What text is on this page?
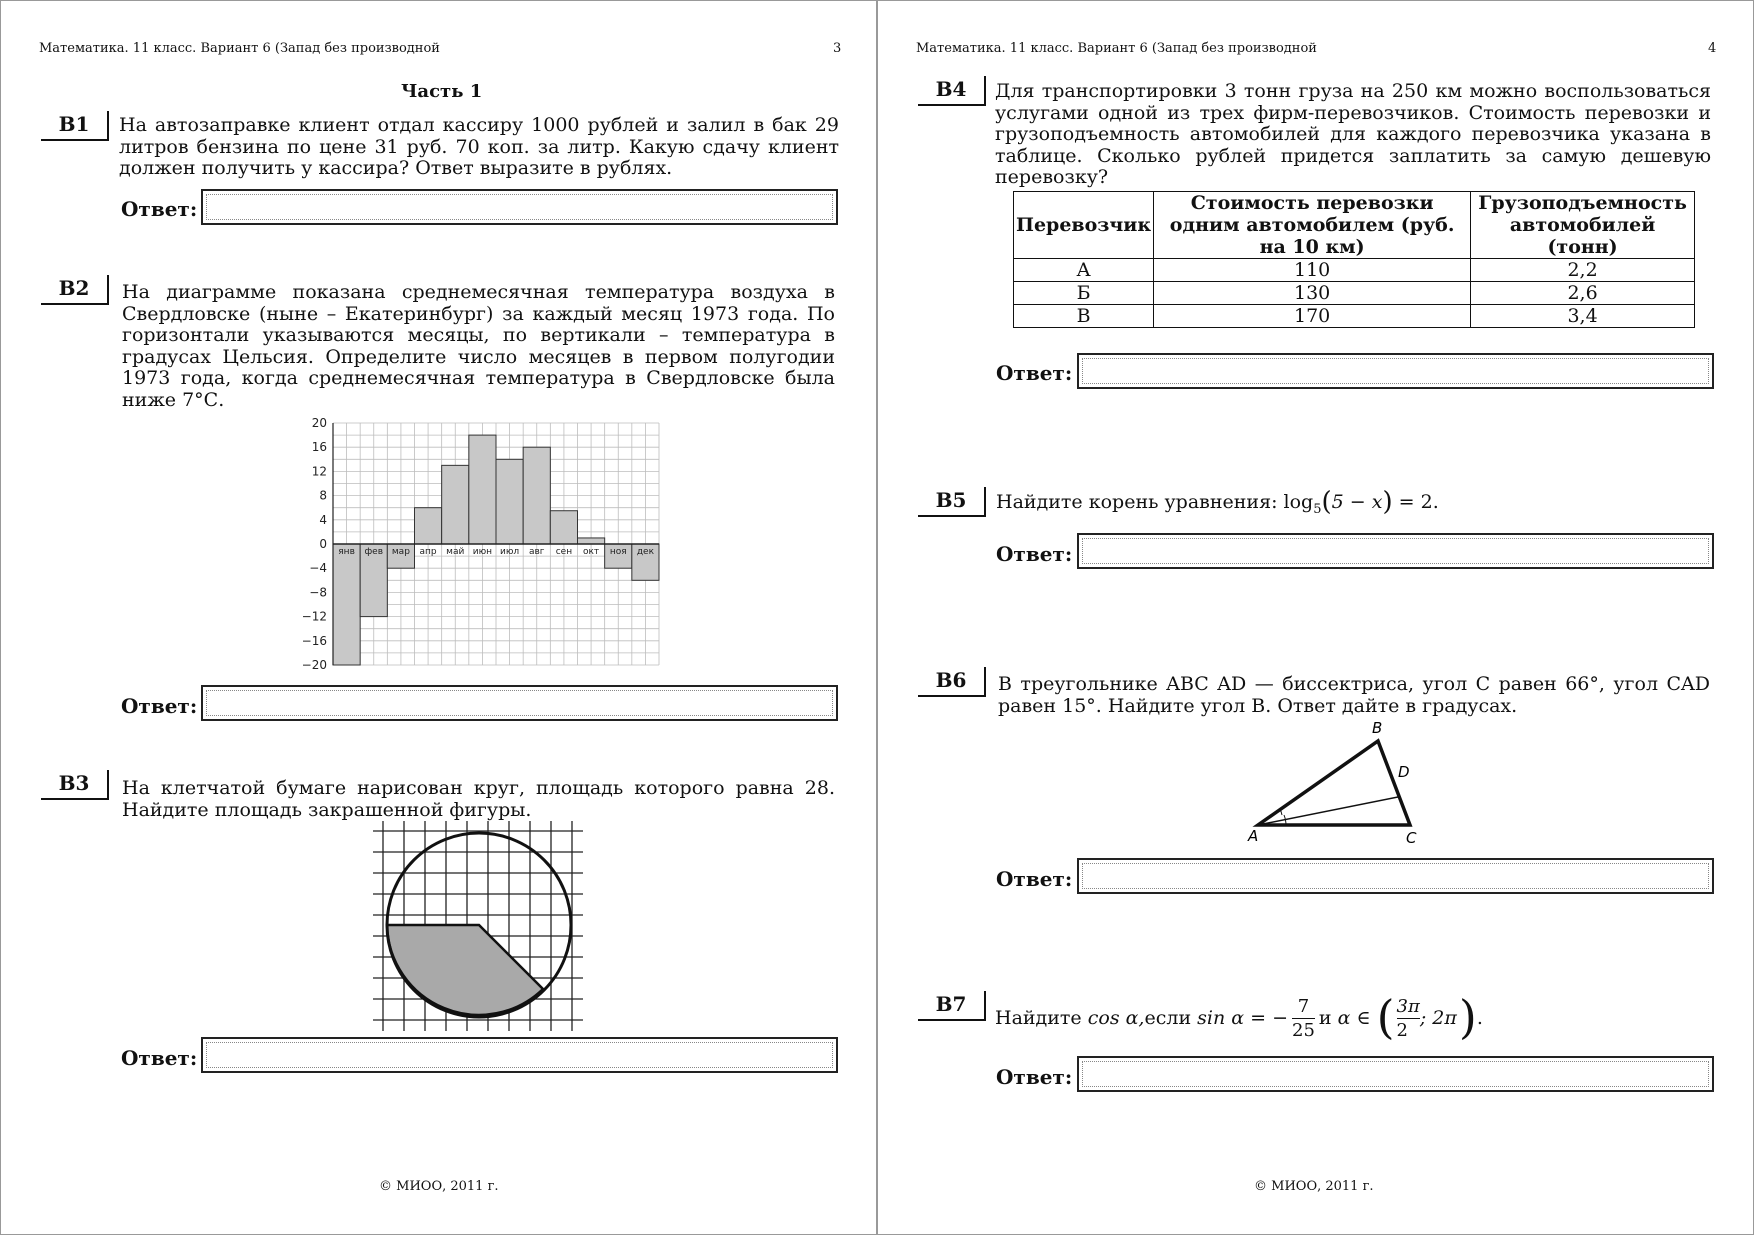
Математика. 11 класс. Вариант 6 (Запад без производной	3
Часть 1
B1	На автозаправке клиент отдал кассиру 1000 рублей и залил в бак 29 литров бензина по цене 31 руб. 70 коп. за литр. Какую сдачу клиент должен получить у кассира? Ответ выразите в рублях.
Ответ:
B2	На диаграмме показана среднемесячная температура воздуха в Свердловске (ныне – Екатеринбург) за каждый месяц 1973 года. По горизонтали указываются месяцы, по вертикали – температура в градусах Цельсия. Определите число месяцев в первом полугодии 1973 года, когда среднемесячная температура в Свердловске была ниже 7°С.
20
16
12
8
4
0
−4
−8
−12
−16
−20
янв фев мар апр май июн июл авг сен окт ноя дек
Ответ:
B3	На клетчатой бумаге нарисован круг, площадь которого равна 28. Найдите площадь закрашенной фигуры.
Ответ:
© МИОО, 2011 г.
Математика. 11 класс. Вариант 6 (Запад без производной	4
B4	Для транспортировки 3 тонн груза на 250 км можно воспользоваться услугами одной из трех фирм-перевозчиков. Стоимость перевозки и грузоподъемность автомобилей для каждого перевозчика указана в таблице. Сколько рублей придется заплатить за самую дешевую перевозку?
Перевозчик	Стоимость перевозки одним автомобилем (руб. на 10 км)	Грузоподъемность автомобилей (тонн)
А	110	2,2
Б	130	2,6
В	170	3,4
Ответ:
B5	Найдите корень уравнения: $\log_5(5 - x) = 2$.
Ответ:
B6	В треугольнике ABC AD — биссектриса, угол C равен 66°, угол CAD равен 15°. Найдите угол B. Ответ дайте в градусах.
A
B
C
D
Ответ:
B7
Найдите
cos α, если
sin α = − $\frac{7}{25}$ и
α ∈ ( $\frac{3\pi}{2}$ ; 2π ) .
Ответ:
© МИОО, 2011 г.
